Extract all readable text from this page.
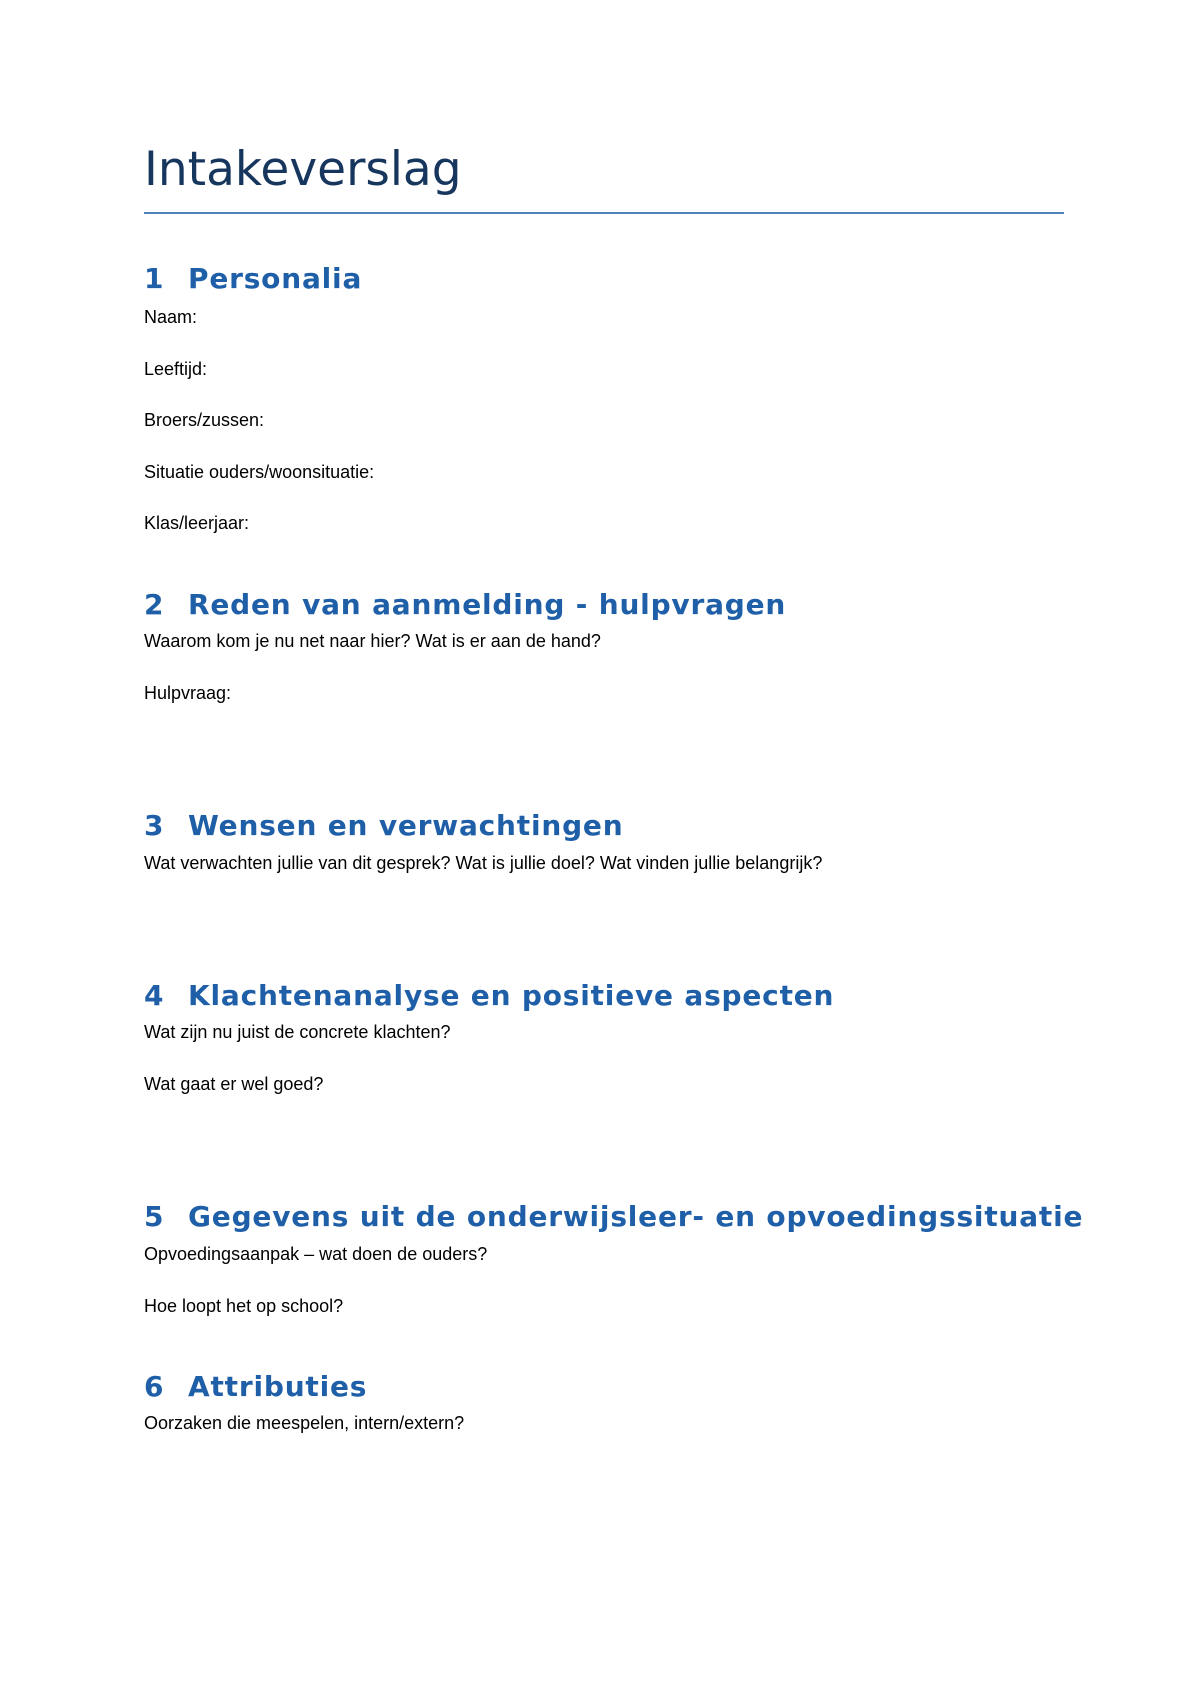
Intakeverslag
1 Personalia
Naam:
Leeftijd:
Broers/zussen:
Situatie ouders/woonsituatie:
Klas/leerjaar:
2 Reden van aanmelding - hulpvragen
Waarom kom je nu net naar hier? Wat is er aan de hand?
Hulpvraag:
3 Wensen en verwachtingen
Wat verwachten jullie van dit gesprek? Wat is jullie doel? Wat vinden jullie belangrijk?
4 Klachtenanalyse en positieve aspecten
Wat zijn nu juist de concrete klachten?
Wat gaat er wel goed?
5 Gegevens uit de onderwijsleer- en opvoedingssituatie
Opvoedingsaanpak – wat doen de ouders?
Hoe loopt het op school?
6 Attributies
Oorzaken die meespelen, intern/extern?
